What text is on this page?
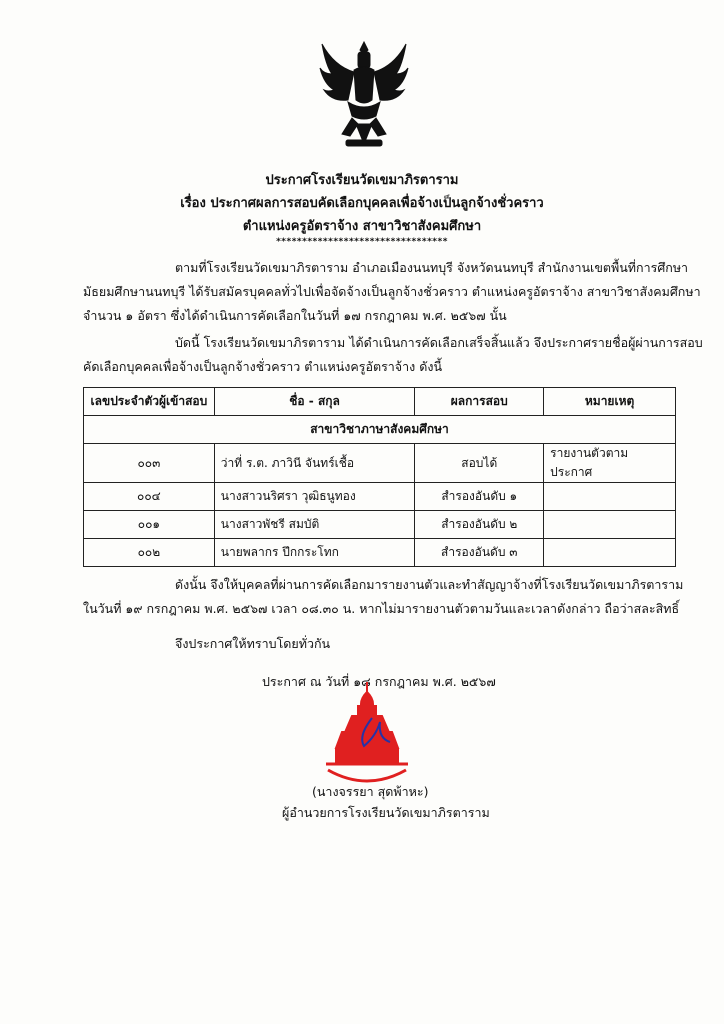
ประกาศโรงเรียนวัดเขมาภิรตาราม
เรื่อง ประกาศผลการสอบคัดเลือกบุคคลเพื่อจ้างเป็นลูกจ้างชั่วคราว
ตำแหน่งครูอัตราจ้าง สาขาวิชาสังคมศึกษา
*********************************
ตามที่โรงเรียนวัดเขมาภิรตาราม อำเภอเมืองนนทบุรี จังหวัดนนทบุรี สำนักงานเขตพื้นที่การศึกษา
มัธยมศึกษานนทบุรี ได้รับสมัครบุคคลทั่วไปเพื่อจัดจ้างเป็นลูกจ้างชั่วคราว ตำแหน่งครูอัตราจ้าง สาขาวิชาสังคมศึกษา
จำนวน ๑ อัตรา ซึ่งได้ดำเนินการคัดเลือกในวันที่ ๑๗ กรกฎาคม พ.ศ. ๒๕๖๗ นั้น
บัดนี้ โรงเรียนวัดเขมาภิรตาราม ได้ดำเนินการคัดเลือกเสร็จสิ้นแล้ว จึงประกาศรายชื่อผู้ผ่านการสอบ
คัดเลือกบุคคลเพื่อจ้างเป็นลูกจ้างชั่วคราว ตำแหน่งครูอัตราจ้าง ดังนี้
เลขประจำตัวผู้เข้าสอบ	ชื่อ - สกุล	ผลการสอบ	หมายเหตุ
สาขาวิชาภาษาสังคมศึกษา			
๐๐๓	ว่าที่ ร.ต. ภาวินี จันทร์เชื้อ	สอบได้	รายงานตัวตามประกาศ
๐๐๔	นางสาวนริศรา วุฒิธนูทอง	สำรองอันดับ ๑	
๐๐๑	นางสาวพัชรี สมบัติ	สำรองอันดับ ๒	
๐๐๒	นายพลากร ปึกกระโทก	สำรองอันดับ ๓	
ดังนั้น จึงให้บุคคลที่ผ่านการคัดเลือกมารายงานตัวและทำสัญญาจ้างที่โรงเรียนวัดเขมาภิรตาราม
ในวันที่ ๑๙ กรกฎาคม พ.ศ. ๒๕๖๗ เวลา ๐๘.๓๐ น. หากไม่มารายงานตัวตามวันและเวลาดังกล่าว ถือว่าสละสิทธิ์
จึงประกาศให้ทราบโดยทั่วกัน
ประกาศ ณ วันที่ ๑๘ กรกฎาคม พ.ศ. ๒๕๖๗
(นางจรรยา สุดพ้าหะ)
ผู้อำนวยการโรงเรียนวัดเขมาภิรตาราม
